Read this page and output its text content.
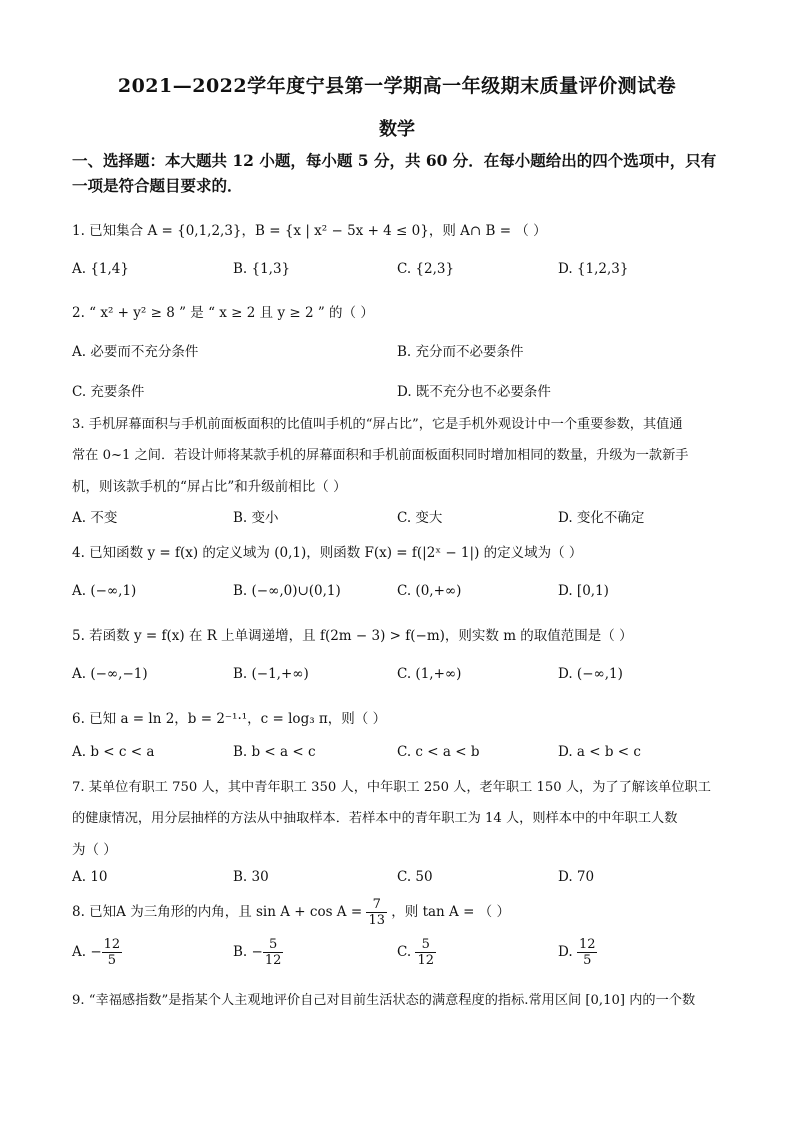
2021—2022学年度宁县第一学期高一年级期末质量评价测试卷
数学
一、选择题：本大题共 12 小题，每小题 5 分，共 60 分．在每小题给出的四个选项中，只有
一项是符合题目要求的．
1. 已知集合 A = {0,1,2,3}，B = {x | x² − 5x + 4 ≤ 0}，则 A∩ B = （ ）
A. {1,4}	B. {1,3}	C. {2,3}	D. {1,2,3}
2. “ x² + y² ≥ 8 ” 是 “ x ≥ 2 且 y ≥ 2 ” 的（ ）
A. 必要而不充分条件	B. 充分而不必要条件
C. 充要条件	D. 既不充分也不必要条件
3. 手机屏幕面积与手机前面板面积的比值叫手机的“屏占比”，它是手机外观设计中一个重要参数，其值通
常在 0~1 之间．若设计师将某款手机的屏幕面积和手机前面板面积同时增加相同的数量，升级为一款新手
机，则该款手机的“屏占比”和升级前相比（ ）
A. 不变	B. 变小	C. 变大	D. 变化不确定
4. 已知函数 y = f(x) 的定义域为 (0,1)，则函数 F(x) = f(|2ˣ − 1|) 的定义域为（ ）
A. (−∞,1)	B. (−∞,0)∪(0,1)	C. (0,+∞)	D. [0,1)
5. 若函数 y = f(x) 在 R 上单调递增，且 f(2m − 3) > f(−m)，则实数 m 的取值范围是（ ）
A. (−∞,−1)	B. (−1,+∞)	C. (1,+∞)	D. (−∞,1)
6. 已知 a = ln 2，b = 2⁻¹·¹，c = log₃ π，则（ ）
A. b < c < a	B. b < a < c	C. c < a < b	D. a < b < c
7. 某单位有职工 750 人，其中青年职工 350 人，中年职工 250 人，老年职工 150 人，为了了解该单位职工
的健康情况，用分层抽样的方法从中抽取样本．若样本中的青年职工为 14 人，则样本中的中年职工人数
为（ ）
A. 10	B. 30	C. 50	D. 70
8. 已知A 为三角形的内角，且 $\sin A + \cos A = \frac{7}{13}$ ，则 tan A = （ ）
A. − $\frac{12}{5}$	B. − $\frac{5}{12}$	C. $\frac{5}{12}$	D. $\frac{12}{5}$
9. “幸福感指数”是指某个人主观地评价自己对目前生活状态的满意程度的指标.常用区间 [0,10] 内的一个数
